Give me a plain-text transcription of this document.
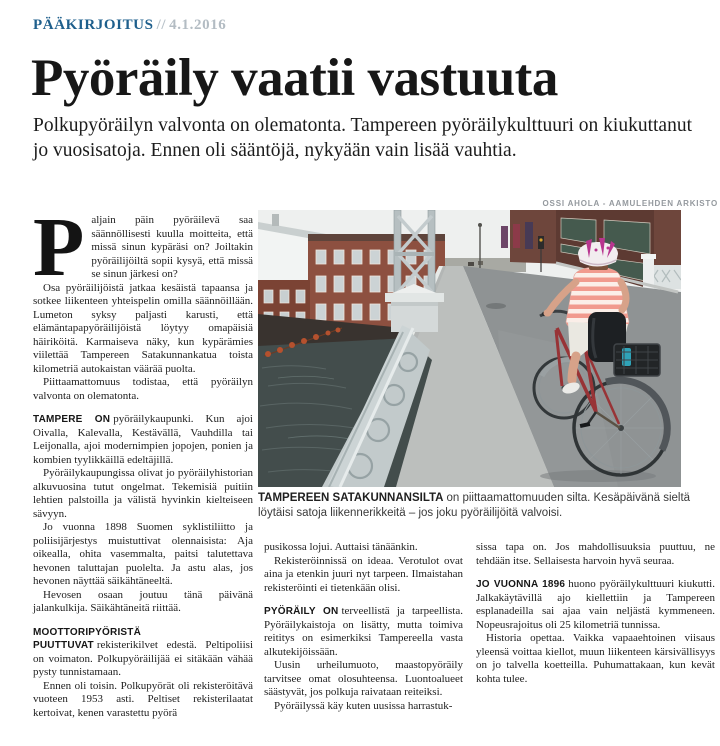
PÄÄKIRJOITUS // 4.1.2016
Pyöräily vaatii vastuuta

Polkupyöräilyn valvonta on olematonta. Tampereen pyöräilykulttuuri on kiukuttanut jo vuosisatoja. Ennen oli sääntöjä, nykyään vain lisää vauhtia.

OSSI AHOLA - AAMULEHDEN ARKISTO
TAMPEREEN SATAKUNNANSILTA on piittaamattomuuden silta. Kesäpäivänä sieltä löytäisi satoja liikennerikkeitä – jos joku pyöräilijöitä valvoisi.

Paljain päin pyöräilevä saa säännöllisesti kuulla moitteita, että missä sinun kypäräsi on? Joiltakin pyöräilijöiltä sopii kysyä, että missä se sinun järkesi on?

Osa pyöräilijöistä jatkaa kesäistä tapaansa ja sotkee liikenteen yhteispelin omilla säännöillään. Lumeton syksy paljasti karusti, että elämäntapapyöräilijöistä löytyy omapäisiä häiriköitä. Karmaiseva näky, kun kypärämies viilettää Tampereen Satakunnankatua toista kilometriä autokaistan väärää puolta.

Piittaamattomuus todistaa, että pyöräilyn valvonta on olematonta.

TAMPERE ON pyöräilykaupunki. Kun ajoi Oivalla, Kalevalla, Kestävällä, Vauhdilla tai Leijonalla, ajoi modernimpien jopojen, ponien ja kombien tyylikkäillä edeltäjillä.

Pyöräilykaupungissa olivat jo pyöräilyhistorian alkuvuosina tutut ongelmat. Tekemisiä puitiin lehtien palstoilla ja välistä hyvinkin kielteiseen sävyyn.

Jo vuonna 1898 Suomen syklistiliitto ja poliisijärjestys muistuttivat olennaisista: Aja oikealla, ohita vasemmalta, paitsi talutettava hevonen taluttajan puolelta. Ja astu alas, jos hevonen näyttää säikähtäneeltä.

Hevosen osaan joutuu tänä päivänä jalankulkija. Säikähtäneitä riittää.

MOOTTORIPYÖRISTÄ PUUTTUVAT rekisterikilvet edestä. Peltipoliisi on voimaton. Polkupyöräilijää ei sitäkään vähää pysty tunnistamaan.

Ennen oli toisin. Polkupyörät oli rekisteröitävä vuoteen 1953 asti. Peltiset rekisterilaatat kertoivat, kenen varastettu pyörä

pusikossa lojui. Auttaisi tänäänkin.

Rekisteröinnissä on ideaa. Verotulot ovat aina ja etenkin juuri nyt tarpeen. Ilmaistahan rekisteröinti ei tietenkään olisi.

PYÖRÄILY ON terveellistä ja tarpeellista. Pyöräilykaistoja on lisätty, mutta toimiva reititys on esimerkiksi Tampereella vasta alkutekijöissään.

Uusin urheilumuoto, maastopyöräily tarvitsee omat olosuhteensa. Luontoalueet säästyvät, jos polkuja raivataan reiteiksi.

Pyöräilyssä käy kuten uusissa harrastuk-

sissa tapa on. Jos mahdollisuuksia puuttuu, ne tehdään itse. Sellaisesta harvoin hyvä seuraa.

JO VUONNA 1896 huono pyöräilykulttuuri kiukutti. Jalkakäytävillä ajo kiellettiin ja Tampereen esplanadeilla sai ajaa vain neljästä kymmeneen. Nopeusrajoitus oli 25 kilometriä tunnissa.

Historia opettaa. Vaikka vapaaehtoinen viisaus yleensä voittaa kiellot, muun liikenteen kärsivällisyys on jo talvella koetteilla. Puhumattakaan, kun kevät kohta tulee.
